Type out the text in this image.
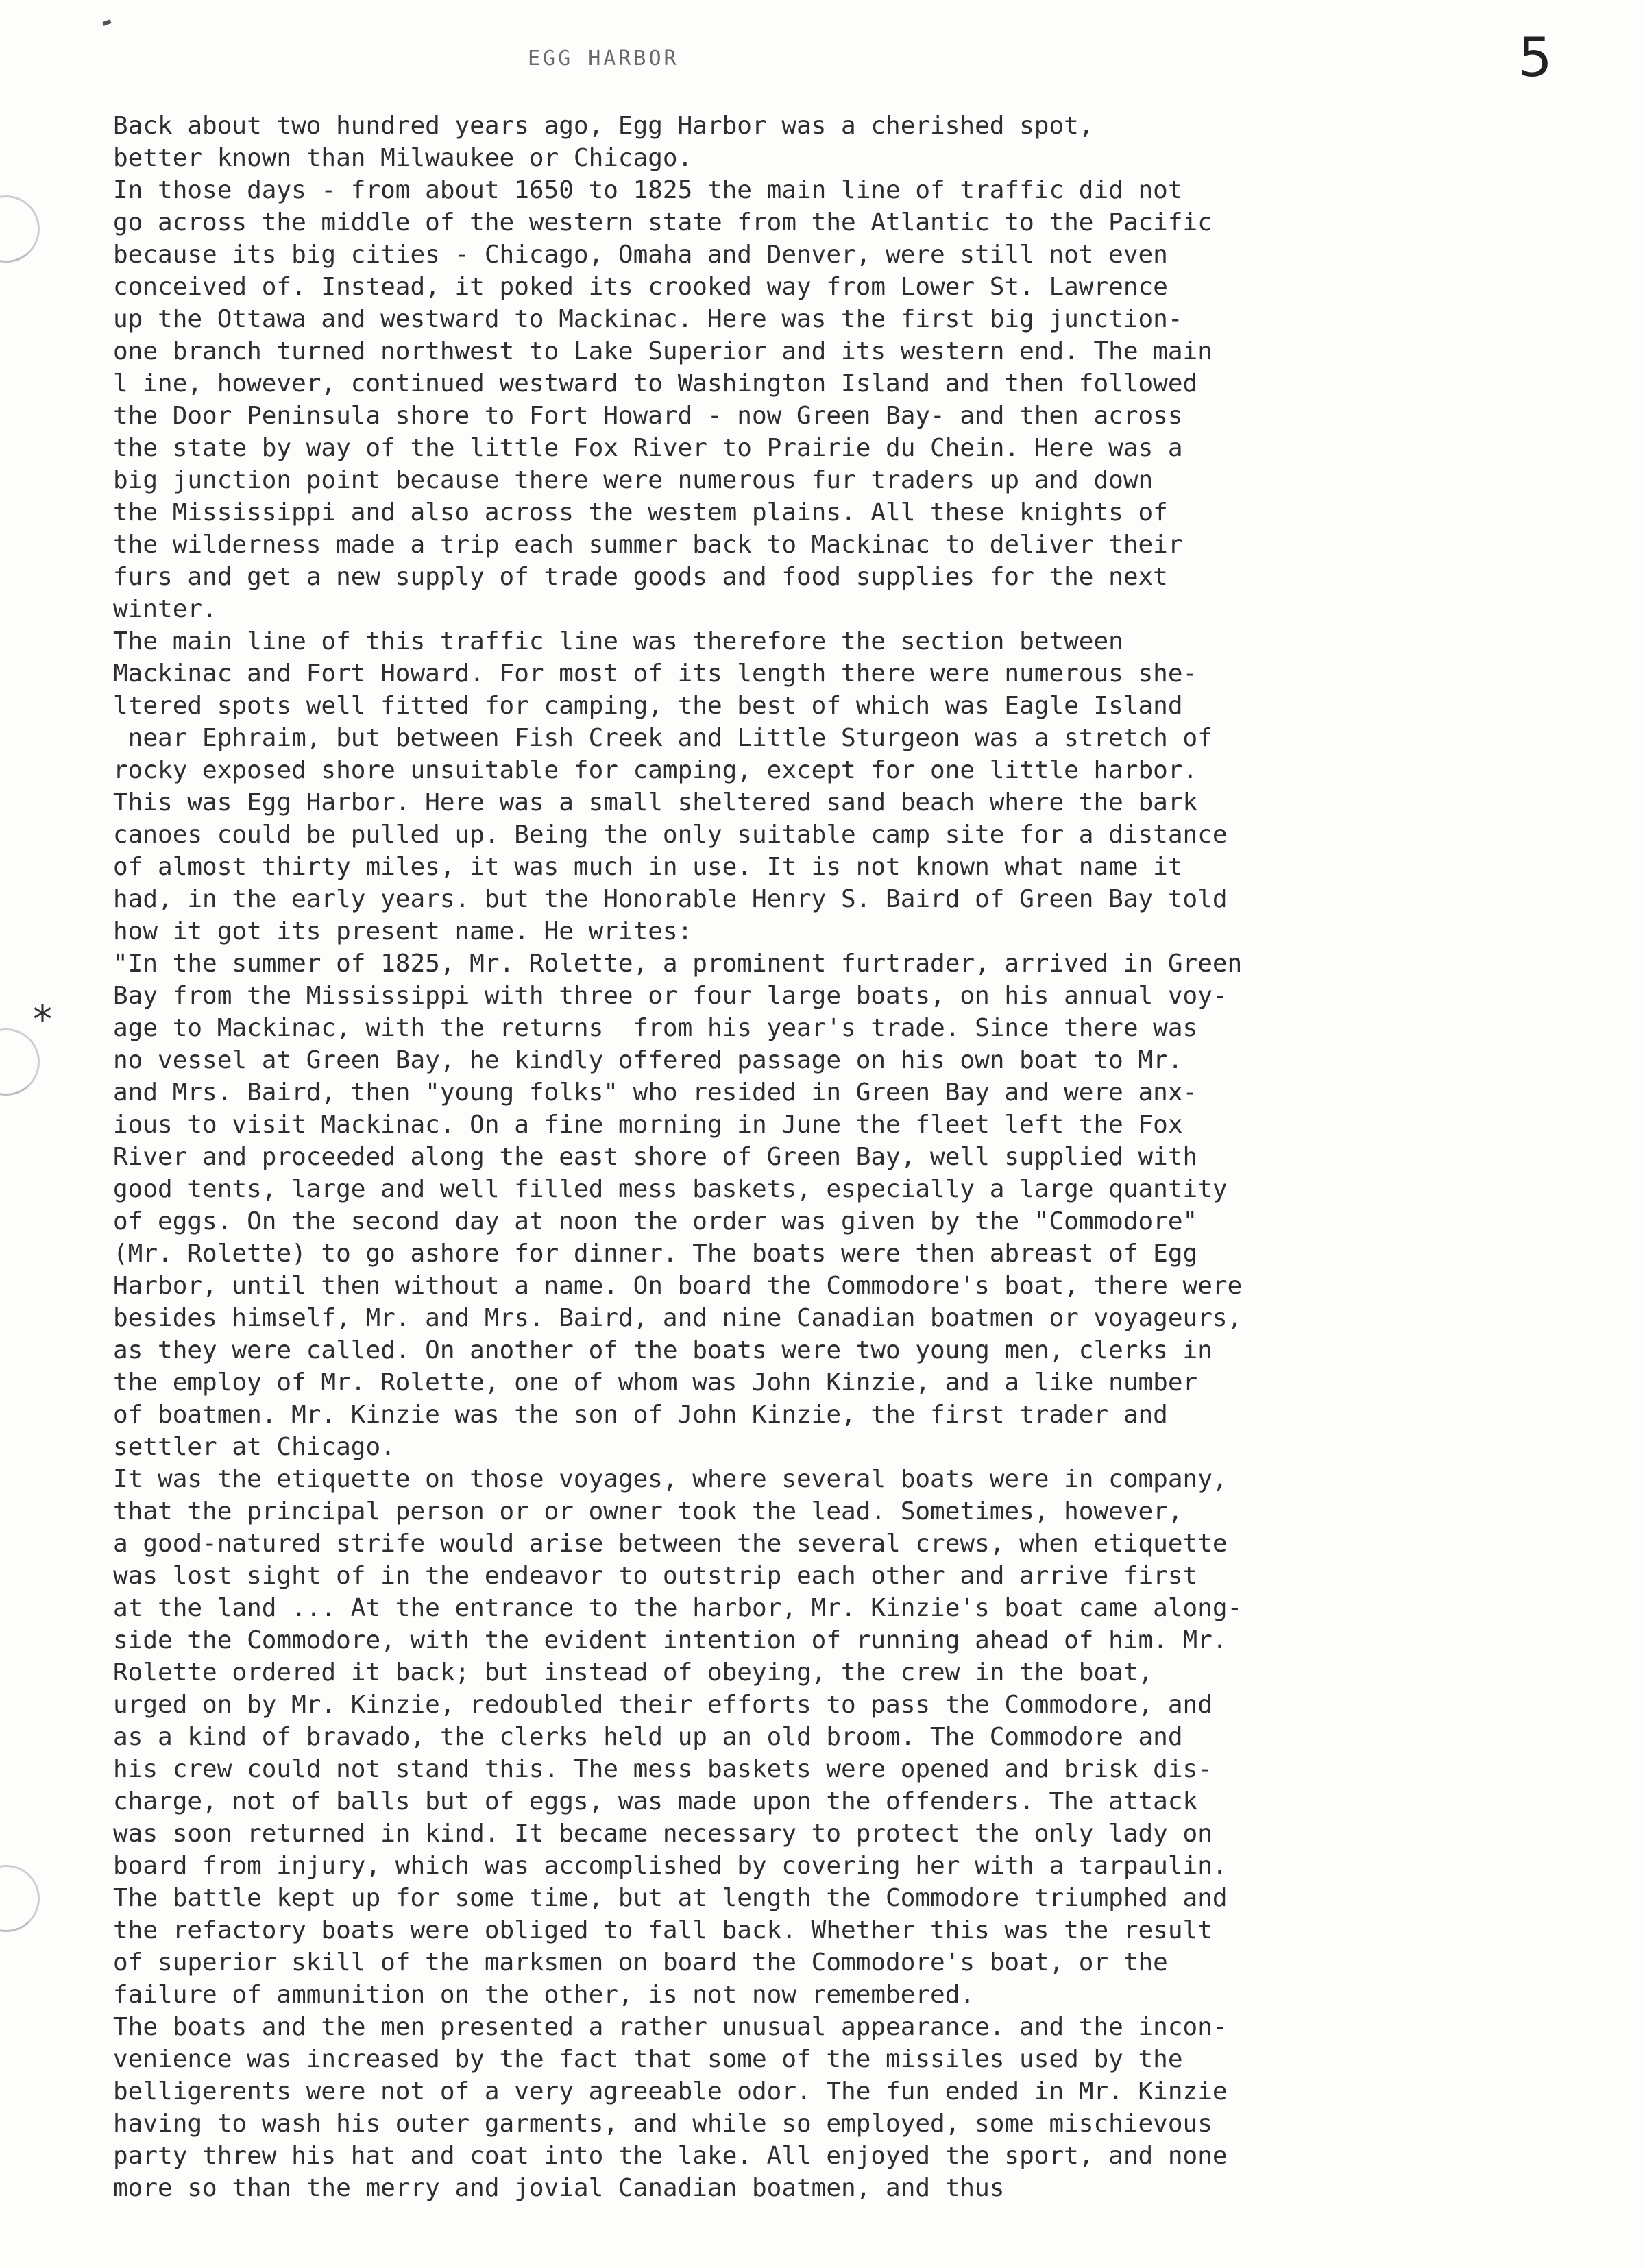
EGG HARBOR	5
*
Back about two hundred years ago, Egg Harbor was a cherished spot,
better known than Milwaukee or Chicago.
In those days - from about 1650 to 1825 the main line of traffic did not
go across the middle of the western state from the Atlantic to the Pacific
because its big cities - Chicago, Omaha and Denver, were still not even
conceived of. Instead, it poked its crooked way from Lower St. Lawrence
up the Ottawa and westward to Mackinac. Here was the first big junction-
one branch turned northwest to Lake Superior and its western end. The main
l ine, however, continued westward to Washington Island and then followed
the Door Peninsula shore to Fort Howard - now Green Bay- and then across
the state by way of the little Fox River to Prairie du Chein. Here was a
big junction point because there were numerous fur traders up and down
the Mississippi and also across the westem plains. All these knights of
the wilderness made a trip each summer back to Mackinac to deliver their
furs and get a new supply of trade goods and food supplies for the next
winter.
The main line of this traffic line was therefore the section between
Mackinac and Fort Howard. For most of its length there were numerous she-
ltered spots well fitted for camping, the best of which was Eagle Island
near Ephraim, but between Fish Creek and Little Sturgeon was a stretch of
rocky exposed shore unsuitable for camping, except for one little harbor.
This was Egg Harbor. Here was a small sheltered sand beach where the bark
canoes could be pulled up. Being the only suitable camp site for a distance
of almost thirty miles, it was much in use. It is not known what name it
had, in the early years. but the Honorable Henry S. Baird of Green Bay told
how it got its present name. He writes:
"In the summer of 1825, Mr. Rolette, a prominent furtrader, arrived in Green
Bay from the Mississippi with three or four large boats, on his annual voy-
age to Mackinac, with the returns  from his year's trade. Since there was
no vessel at Green Bay, he kindly offered passage on his own boat to Mr.
and Mrs. Baird, then "young folks" who resided in Green Bay and were anx-
ious to visit Mackinac. On a fine morning in June the fleet left the Fox
River and proceeded along the east shore of Green Bay, well supplied with
good tents, large and well filled mess baskets, especially a large quantity
of eggs. On the second day at noon the order was given by the "Commodore"
(Mr. Rolette) to go ashore for dinner. The boats were then abreast of Egg
Harbor, until then without a name. On board the Commodore's boat, there were
besides himself, Mr. and Mrs. Baird, and nine Canadian boatmen or voyageurs,
as they were called. On another of the boats were two young men, clerks in
the employ of Mr. Rolette, one of whom was John Kinzie, and a like number
of boatmen. Mr. Kinzie was the son of John Kinzie, the first trader and
settler at Chicago.
It was the etiquette on those voyages, where several boats were in company,
that the principal person or or owner took the lead. Sometimes, however,
a good-natured strife would arise between the several crews, when etiquette
was lost sight of in the endeavor to outstrip each other and arrive first
at the land ... At the entrance to the harbor, Mr. Kinzie's boat came along-
side the Commodore, with the evident intention of running ahead of him. Mr.
Rolette ordered it back; but instead of obeying, the crew in the boat,
urged on by Mr. Kinzie, redoubled their efforts to pass the Commodore, and
as a kind of bravado, the clerks held up an old broom. The Commodore and
his crew could not stand this. The mess baskets were opened and brisk dis-
charge, not of balls but of eggs, was made upon the offenders. The attack
was soon returned in kind. It became necessary to protect the only lady on
board from injury, which was accomplished by covering her with a tarpaulin.
The battle kept up for some time, but at length the Commodore triumphed and
the refactory boats were obliged to fall back. Whether this was the result
of superior skill of the marksmen on board the Commodore's boat, or the
failure of ammunition on the other, is not now remembered.
The boats and the men presented a rather unusual appearance. and the incon-
venience was increased by the fact that some of the missiles used by the
belligerents were not of a very agreeable odor. The fun ended in Mr. Kinzie
having to wash his outer garments, and while so employed, some mischievous
party threw his hat and coat into the lake. All enjoyed the sport, and none
more so than the merry and jovial Canadian boatmen, and thus
